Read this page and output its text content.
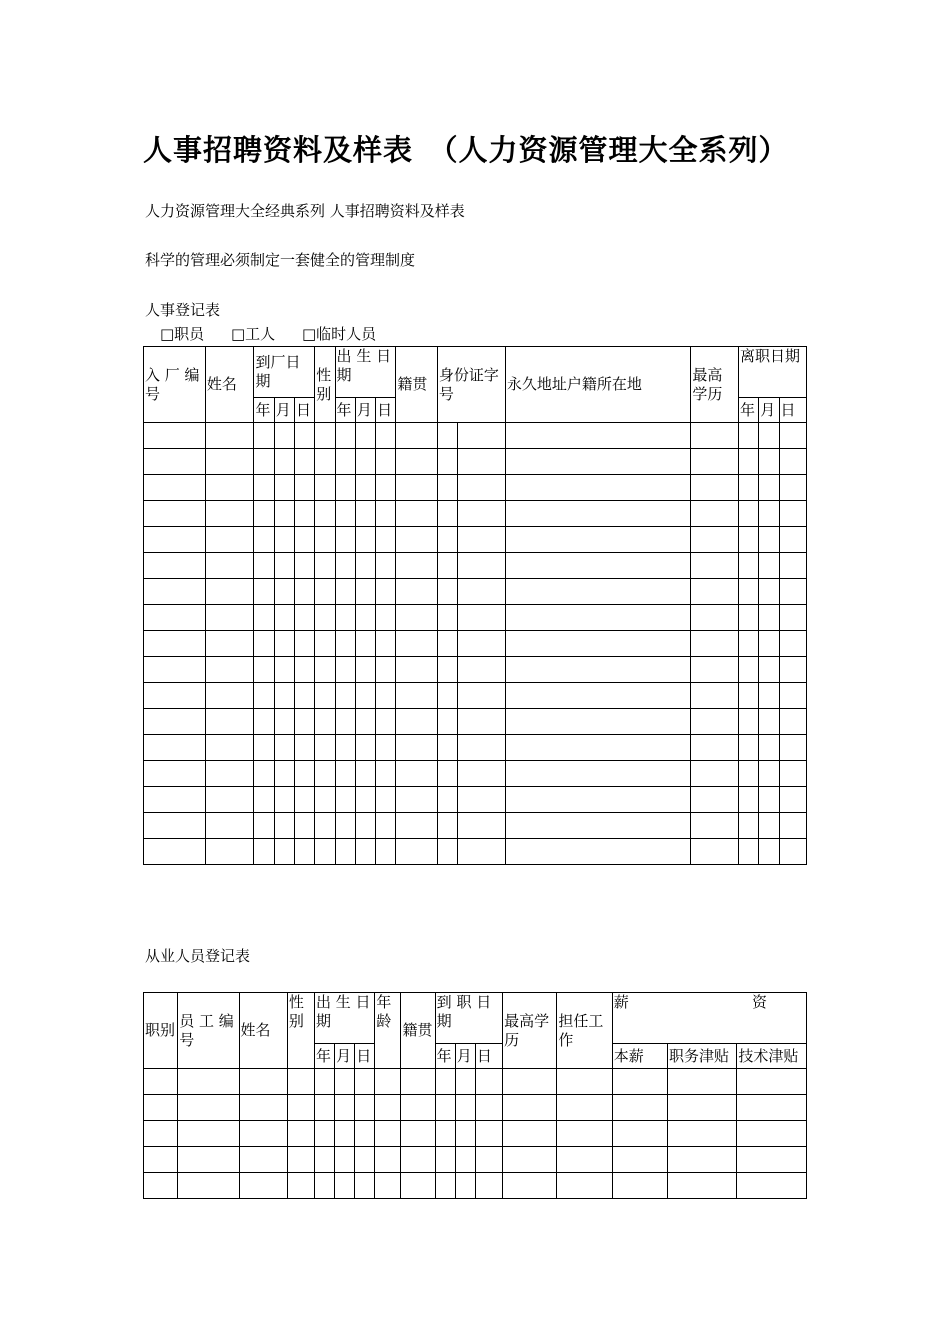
人事招聘资料及样表　（人力资源管理大全系列）
人力资源管理大全经典系列 人事招聘资料及样表
科学的管理必须制定一套健全的管理制度
人事登记表
□职员 □工人 □临时人员
入 厂 编号	姓名	到厂日期			性别	出 生 日期			籍贯	身份证字号		永久地址户籍所在地	最高学历	离职日期		
		年	月	日		年	月	日						年	月	日

从业人员登记表
职别	员 工 编号	姓名	性别	出 生 日期			年龄	籍贯	到 职 日期			最高学历	担任工作	薪 资		

				年	月	日			年	月	日			本薪	职务津贴	技术津贴
